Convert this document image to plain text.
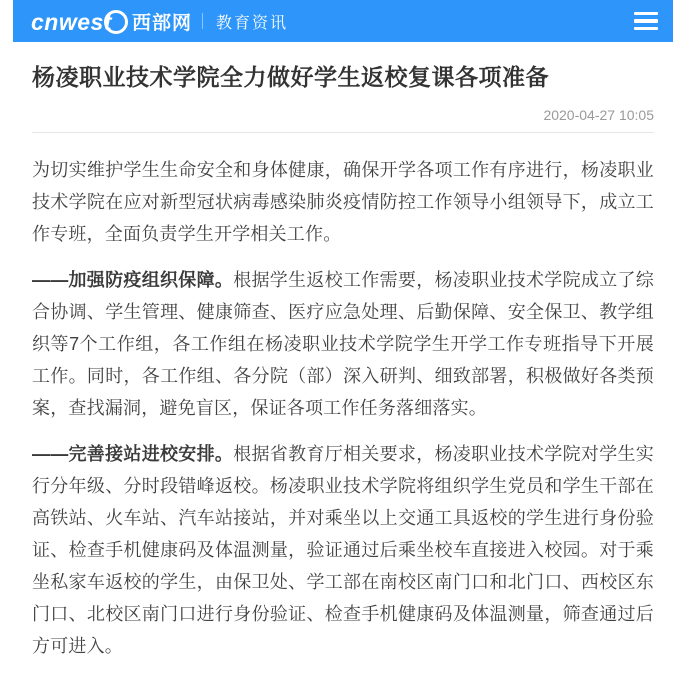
cnwest 西部网 教育资讯
杨凌职业技术学院全力做好学生返校复课各项准备
2020-04-27 10:05

为切实维护学生生命安全和身体健康，确保开学各项工作有序进行，杨凌职业技术学院在应对新型冠状病毒感染肺炎疫情防控工作领导小组领导下，成立工作专班，全面负责学生开学相关工作。

——加强防疫组织保障。根据学生返校工作需要，杨凌职业技术学院成立了综合协调、学生管理、健康筛查、医疗应急处理、后勤保障、安全保卫、教学组织等7个工作组，各工作组在杨凌职业技术学院学生开学工作专班指导下开展工作。同时，各工作组、各分院（部）深入研判、细致部署，积极做好各类预案，查找漏洞，避免盲区，保证各项工作任务落细落实。

——完善接站进校安排。根据省教育厅相关要求，杨凌职业技术学院对学生实行分年级、分时段错峰返校。杨凌职业技术学院将组织学生党员和学生干部在高铁站、火车站、汽车站接站，并对乘坐以上交通工具返校的学生进行身份验证、检查手机健康码及体温测量，验证通过后乘坐校车直接进入校园。对于乘坐私家车返校的学生，由保卫处、学工部在南校区南门口和北门口、西校区东门口、北校区南门口进行身份验证、检查手机健康码及体温测量，筛查通过后方可进入。
